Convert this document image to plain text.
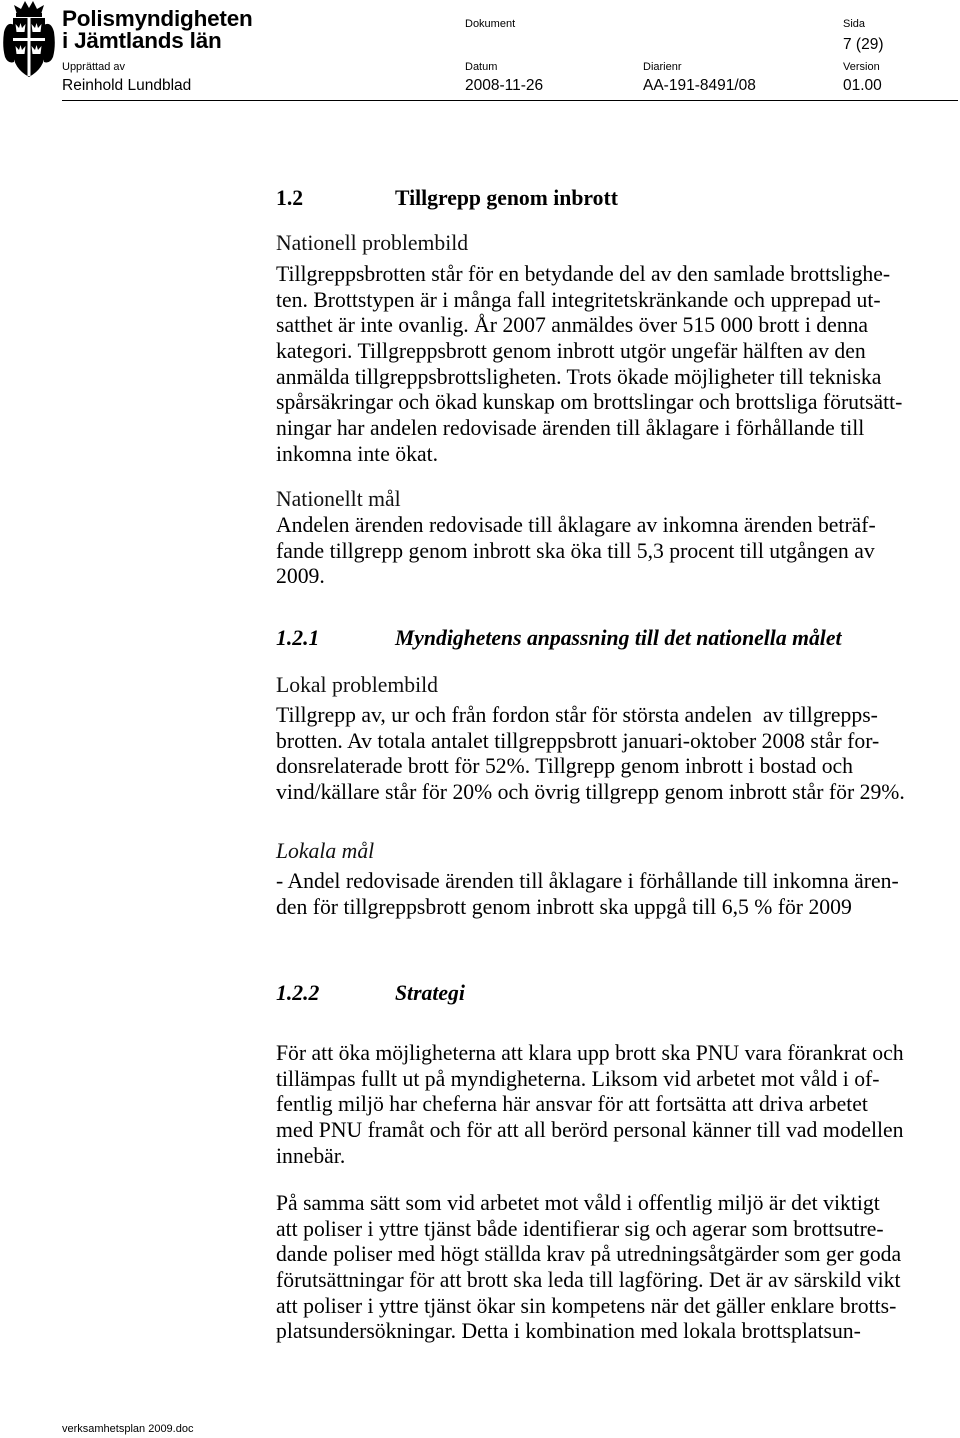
Polismyndigheten
i Jämtlands län
Dokument	Sida
7 (29)
Upprättad av	Datum	Diarienr	Version
Reinhold Lundblad	2008-11-26	AA-191-8491/08	01.00
1.2	Tillgrepp genom inbrott
Nationell problembild
Tillgreppsbrotten står för en betydande del av den samlade brottslighe-
ten. Brottstypen är i många fall integritetskränkande och upprepad ut-
satthet är inte ovanlig. År 2007 anmäldes över 515 000 brott i denna
kategori. Tillgreppsbrott genom inbrott utgör ungefär hälften av den
anmälda tillgreppsbrottsligheten. Trots ökade möjligheter till tekniska
spårsäkringar och ökad kunskap om brottslingar och brottsliga förutsätt-
ningar har andelen redovisade ärenden till åklagare i förhållande till
inkomna inte ökat.
Nationellt mål
Andelen ärenden redovisade till åklagare av inkomna ärenden beträf-
fande tillgrepp genom inbrott ska öka till 5,3 procent till utgången av
2009.
1.2.1	Myndighetens anpassning till det nationella målet
Lokal problembild
Tillgrepp av, ur och från fordon står för största andelen  av tillgrepps-
brotten. Av totala antalet tillgreppsbrott januari-oktober 2008 står for-
donsrelaterade brott för 52%. Tillgrepp genom inbrott i bostad och
vind/källare står för 20% och övrig tillgrepp genom inbrott står för 29%.
Lokala mål
- Andel redovisade ärenden till åklagare i förhållande till inkomna ären-
den för tillgreppsbrott genom inbrott ska uppgå till 6,5 % för 2009
1.2.2	Strategi
För att öka möjligheterna att klara upp brott ska PNU vara förankrat och
tillämpas fullt ut på myndigheterna. Liksom vid arbetet mot våld i of-
fentlig miljö har cheferna här ansvar för att fortsätta att driva arbetet
med PNU framåt och för att all berörd personal känner till vad modellen
innebär.
På samma sätt som vid arbetet mot våld i offentlig miljö är det viktigt
att poliser i yttre tjänst både identifierar sig och agerar som brottsutre-
dande poliser med högt ställda krav på utredningsåtgärder som ger goda
förutsättningar för att brott ska leda till lagföring. Det är av särskild vikt
att poliser i yttre tjänst ökar sin kompetens när det gäller enklare brotts-
platsundersökningar. Detta i kombination med lokala brottsplatsun-
verksamhetsplan 2009.doc
